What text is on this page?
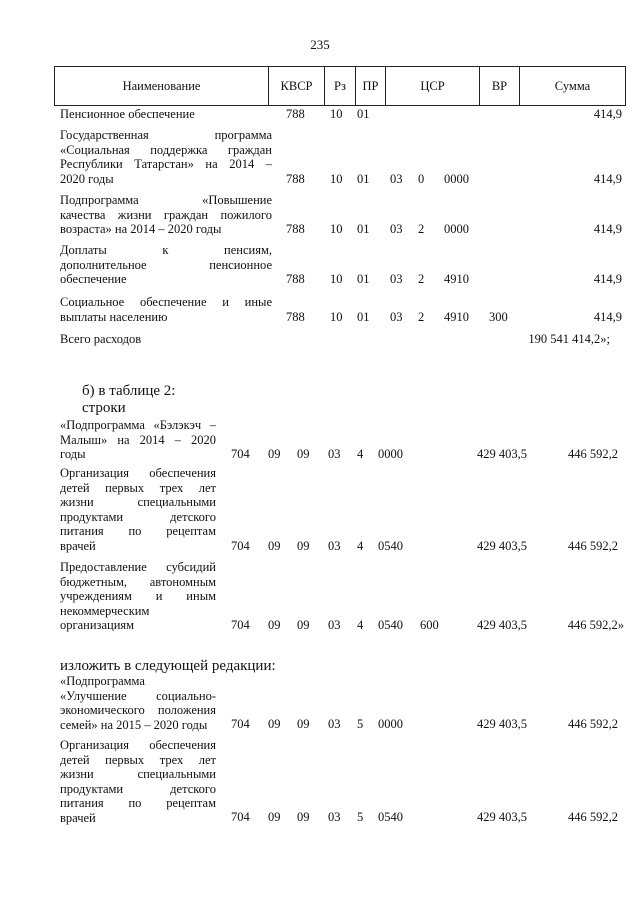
235
Наименование	КВСР	Рз	ПР	ЦСР	ВР	Сумма
Пенсионное обеспечение	788 10 01	414,9
Государственная программа
«Социальная поддержка граждан
Республики Татарстан» на 2014 –
2020 годы	788 10 01 03 0 0000	414,9
Подпрограмма «Повышение
качества жизни граждан пожилого
возраста» на 2014 – 2020 годы	788 10 01 03 2 0000	414,9
Доплаты к пенсиям,
дополнительное пенсионное
обеспечение	788 10 01 03 2 4910	414,9
Социальное обеспечение и иные
выплаты населению	788 10 01 03 2 4910 300	414,9
Всего расходов	190 541 414,2»;
б) в таблице 2:
строки
«Подпрограмма «Бэлэкэч –
Малыш» на 2014 – 2020
годы	704 09 09 03 4 0000	429 403,5	446 592,2
Организация обеспечения
детей первых трех лет
жизни специальными
продуктами детского
питания по рецептам
врачей	704 09 09 03 4 0540	429 403,5	446 592,2
Предоставление субсидий
бюджетным, автономным
учреждениям и иным
некоммерческим
организациям	704 09 09 03 4 0540 600	429 403,5	446 592,2»
изложить в следующей редакции:
«Подпрограмма
«Улучшение социально-
экономического положения
семей» на 2015 – 2020 годы	704 09 09 03 5 0000	429 403,5	446 592,2
Организация обеспечения
детей первых трех лет
жизни специальными
продуктами детского
питания по рецептам
врачей	704 09 09 03 5 0540	429 403,5	446 592,2
